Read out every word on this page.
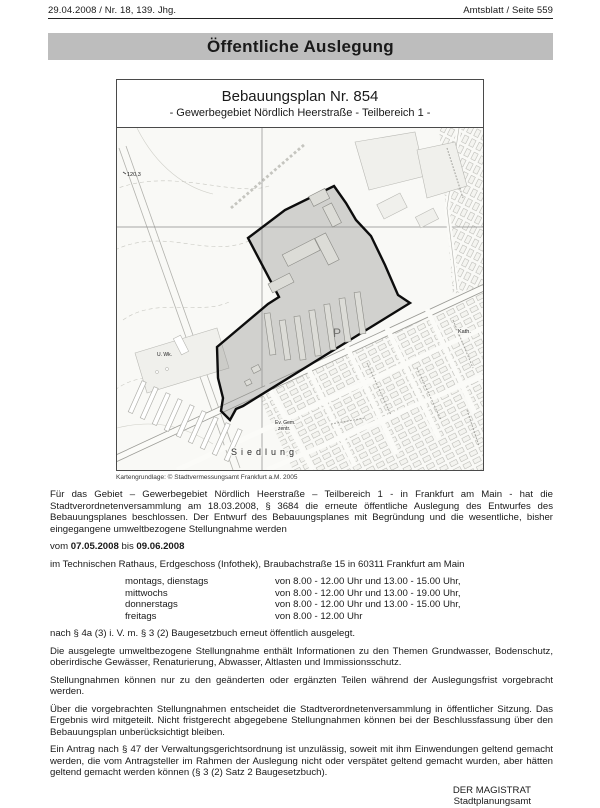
29.04.2008 / Nr. 18, 139. Jhg.	Amtsblatt / Seite 559
Öffentliche Auslegung
Bebauungsplan Nr. 854
- Gewerbegebiet Nördlich Heerstraße - Teilbereich 1 -
120,3
U. Wk.
P	Kath.
Ev. Gem.
zentr.
Siedlung
Kartengrundlage: © Stadtvermessungsamt Frankfurt a.M. 2005

Für das Gebiet – Gewerbegebiet Nördlich Heerstraße – Teilbereich 1 - in Frankfurt am Main - hat die Stadtverordnetenversammlung am 18.03.2008, § 3684 die erneute öffentliche Auslegung des Entwurfes des Bebauungsplanes beschlossen. Der Entwurf des Bebauungsplanes mit Begründung und die wesentliche, bisher eingegangene umweltbezogene Stellungnahme werden

vom 07.05.2008 bis 09.06.2008

im Technischen Rathaus, Erdgeschoss (Infothek), Braubachstraße 15 in 60311 Frankfurt am Main

montags, dienstags	von 8.00 - 12.00 Uhr und 13.00 - 15.00 Uhr,
mittwochs	von 8.00 - 12.00 Uhr und 13.00 - 19.00 Uhr,
donnerstags	von 8.00 - 12.00 Uhr und 13.00 - 15.00 Uhr,
freitags	von 8.00 - 12.00 Uhr

nach § 4a (3) i. V. m. § 3 (2) Baugesetzbuch erneut öffentlich ausgelegt.

Die ausgelegte umweltbezogene Stellungnahme enthält Informationen zu den Themen Grundwasser, Bodenschutz, oberirdische Gewässer, Renaturierung, Abwasser, Altlasten und Immissionsschutz.

Stellungnahmen können nur zu den geänderten oder ergänzten Teilen während der Auslegungsfrist vorgebracht werden.

Über die vorgebrachten Stellungnahmen entscheidet die Stadtverordnetenversammlung in öffentlicher Sitzung. Das Ergebnis wird mitgeteilt. Nicht fristgerecht abgegebene Stellungnahmen können bei der Beschlussfassung über den Bebauungsplan unberücksichtigt bleiben.

Ein Antrag nach § 47 der Verwaltungsgerichtsordnung ist unzulässig, soweit mit ihm Einwendungen geltend gemacht werden, die vom Antragsteller im Rahmen der Auslegung nicht oder verspätet geltend gemacht wurden, aber hätten geltend gemacht werden können (§ 3 (2) Satz 2 Baugesetzbuch).

DER MAGISTRAT
Stadtplanungsamt
